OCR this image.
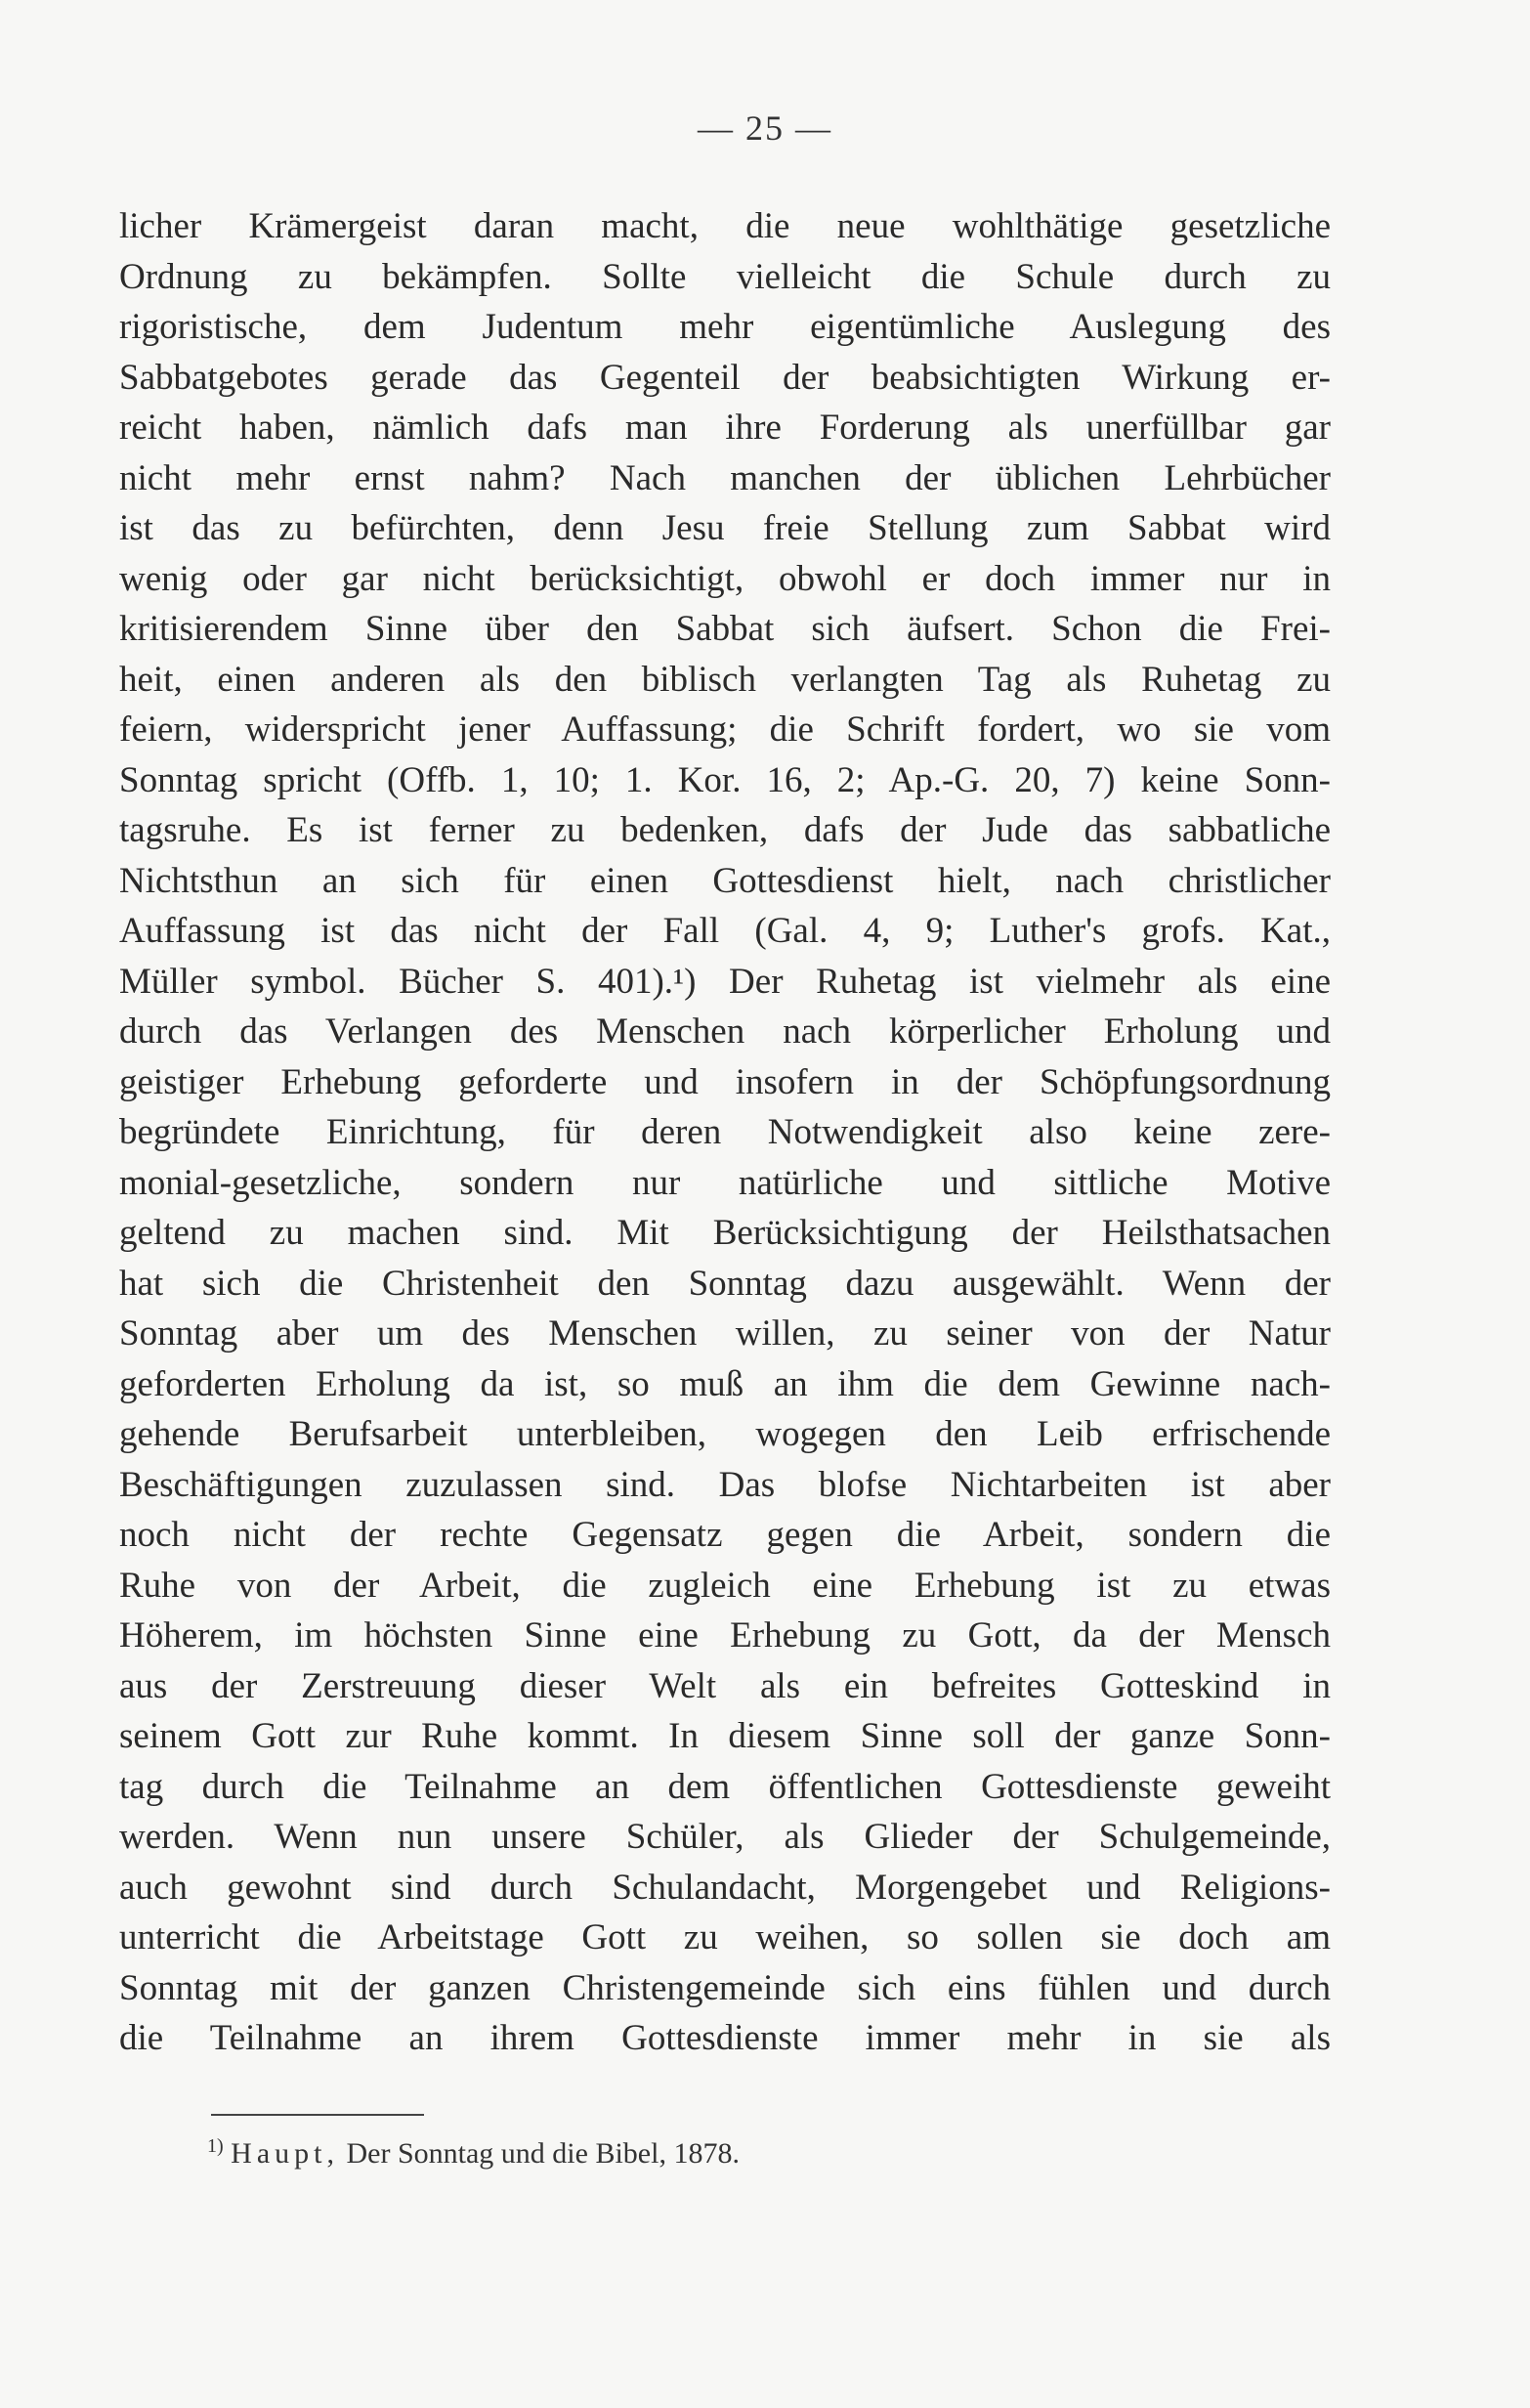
— 25 —
licher Krämergeist daran macht, die neue wohlthätige gesetzliche
Ordnung zu bekämpfen. Sollte vielleicht die Schule durch zu
rigoristische, dem Judentum mehr eigentümliche Auslegung des
Sabbatgebotes gerade das Gegenteil der beabsichtigten Wirkung er-
reicht haben, nämlich dafs man ihre Forderung als unerfüllbar gar
nicht mehr ernst nahm? Nach manchen der üblichen Lehrbücher
ist das zu befürchten, denn Jesu freie Stellung zum Sabbat wird
wenig oder gar nicht berücksichtigt, obwohl er doch immer nur in
kritisierendem Sinne über den Sabbat sich äufsert. Schon die Frei-
heit, einen anderen als den biblisch verlangten Tag als Ruhetag zu
feiern, widerspricht jener Auffassung; die Schrift fordert, wo sie vom
Sonntag spricht (Offb. 1, 10; 1. Kor. 16, 2; Ap.-G. 20, 7) keine Sonn-
tagsruhe. Es ist ferner zu bedenken, dafs der Jude das sabbatliche
Nichtsthun an sich für einen Gottesdienst hielt, nach christlicher
Auffassung ist das nicht der Fall (Gal. 4, 9; Luther's grofs. Kat.,
Müller symbol. Bücher S. 401).¹) Der Ruhetag ist vielmehr als eine
durch das Verlangen des Menschen nach körperlicher Erholung und
geistiger Erhebung geforderte und insofern in der Schöpfungsordnung
begründete Einrichtung, für deren Notwendigkeit also keine zere-
monial-gesetzliche, sondern nur natürliche und sittliche Motive
geltend zu machen sind. Mit Berücksichtigung der Heilsthatsachen
hat sich die Christenheit den Sonntag dazu ausgewählt. Wenn der
Sonntag aber um des Menschen willen, zu seiner von der Natur
geforderten Erholung da ist, so muß an ihm die dem Gewinne nach-
gehende Berufsarbeit unterbleiben, wogegen den Leib erfrischende
Beschäftigungen zuzulassen sind. Das blofse Nichtarbeiten ist aber
noch nicht der rechte Gegensatz gegen die Arbeit, sondern die
Ruhe von der Arbeit, die zugleich eine Erhebung ist zu etwas
Höherem, im höchsten Sinne eine Erhebung zu Gott, da der Mensch
aus der Zerstreuung dieser Welt als ein befreites Gotteskind in
seinem Gott zur Ruhe kommt. In diesem Sinne soll der ganze Sonn-
tag durch die Teilnahme an dem öffentlichen Gottesdienste geweiht
werden. Wenn nun unsere Schüler, als Glieder der Schulgemeinde,
auch gewohnt sind durch Schulandacht, Morgengebet und Religions-
unterricht die Arbeitstage Gott zu weihen, so sollen sie doch am
Sonntag mit der ganzen Christengemeinde sich eins fühlen und durch
die Teilnahme an ihrem Gottesdienste immer mehr in sie als
$^{1)}$ Haupt, Der Sonntag und die Bibel, 1878.
